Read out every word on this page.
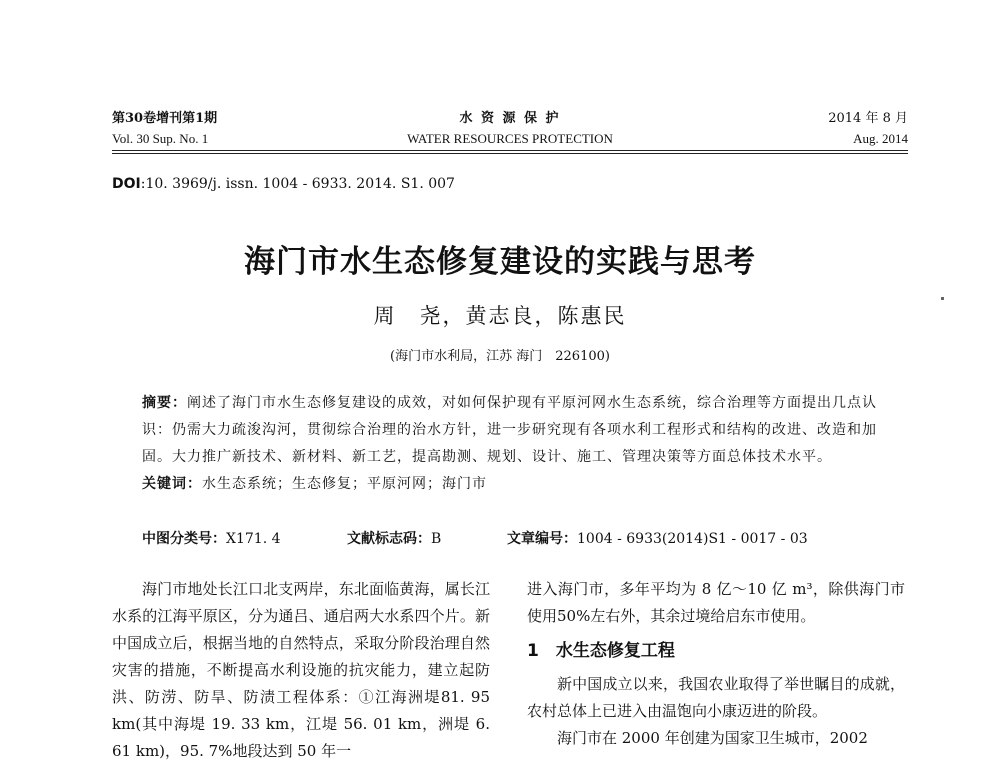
第30卷增刊第1期
Vol. 30 Sup. No. 1
水 资 源 保 护
WATER RESOURCES PROTECTION
2014 年 8 月
Aug. 2014
DOI:10. 3969/j. issn. 1004 - 6933. 2014. S1. 007
海门市水生态修复建设的实践与思考
周　尧，黄志良，陈惠民
(海门市水利局，江苏 海门　226100)
摘要：阐述了海门市水生态修复建设的成效，对如何保护现有平原河网水生态系统，综合治理等方面提出几点认识：仍需大力疏浚沟河，贯彻综合治理的治水方针，进一步研究现有各项水利工程形式和结构的改进、改造和加固。大力推广新技术、新材料、新工艺，提高勘测、规划、设计、施工、管理决策等方面总体技术水平。
关键词：水生态系统；生态修复；平原河网；海门市
中图分类号：X171. 4	文献标志码：B	文章编号：1004 - 6933(2014)S1 - 0017 - 03

海门市地处长江口北支两岸，东北面临黄海，属长江水系的江海平原区，分为通吕、通启两大水系四个片。新中国成立后，根据当地的自然特点，采取分阶段治理自然灾害的措施，不断提高水利设施的抗灾能力，建立起防洪、防涝、防旱、防渍工程体系：①江海洲堤81. 95 km(其中海堤 19. 33 km，江堤 56. 01 km，洲堤 6. 61 km)，95. 7%地段达到 50 年一

进入海门市，多年平均为 8 亿～10 亿 m³，除供海门市使用50%左右外，其余过境给启东市使用。

1　水生态修复工程

新中国成立以来，我国农业取得了举世瞩目的成就，农村总体上已进入由温饱向小康迈进的阶段。

海门市在 2000 年创建为国家卫生城市，2002
